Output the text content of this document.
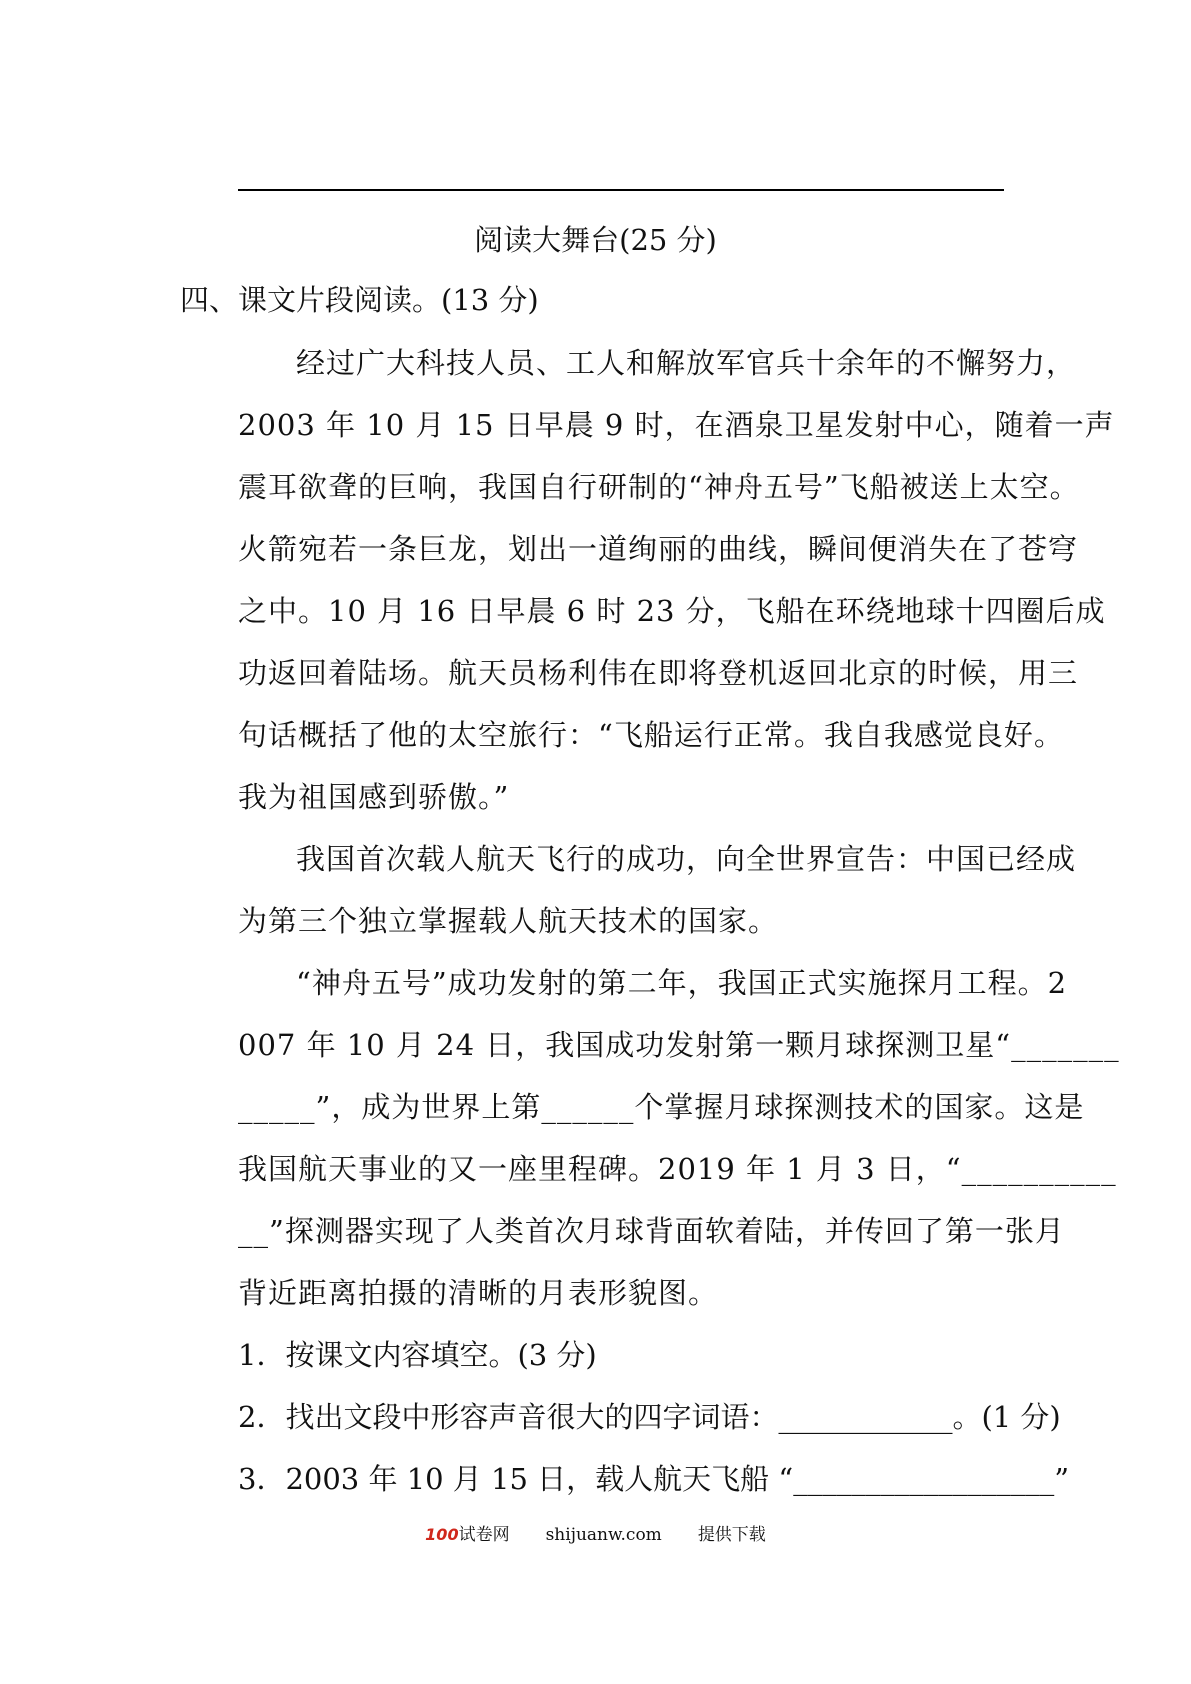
阅读大舞台(25 分)
四、课文片段阅读。(13 分)
经过广大科技人员、工人和解放军官兵十余年的不懈努力，
2003 年 10 月 15 日早晨 9 时，在酒泉卫星发射中心，随着一声
震耳欲聋的巨响，我国自行研制的“神舟五号”飞船被送上太空。
火箭宛若一条巨龙，划出一道绚丽的曲线，瞬间便消失在了苍穹
之中。10 月 16 日早晨 6 时 23 分，飞船在环绕地球十四圈后成
功返回着陆场。航天员杨利伟在即将登机返回北京的时候，用三
句话概括了他的太空旅行：“飞船运行正常。我自我感觉良好。
我为祖国感到骄傲。”
我国首次载人航天飞行的成功，向全世界宣告：中国已经成
为第三个独立掌握载人航天技术的国家。
“神舟五号”成功发射的第二年，我国正式实施探月工程。2
007 年 10 月 24 日，我国成功发射第一颗月球探测卫星“_______
_____”，成为世界上第______个掌握月球探测技术的国家。这是
我国航天事业的又一座里程碑。2019 年 1 月 3 日，“__________
__”探测器实现了人类首次月球背面软着陆，并传回了第一张月
背近距离拍摄的清晰的月表形貌图。
1．按课文内容填空。(3 分)
2．找出文段中形容声音很大的四字词语：____________。(1 分)
3．2003 年 10 月 15 日，载人航天飞船 “__________________”
100试卷网 shijuanw.com 提供下载
